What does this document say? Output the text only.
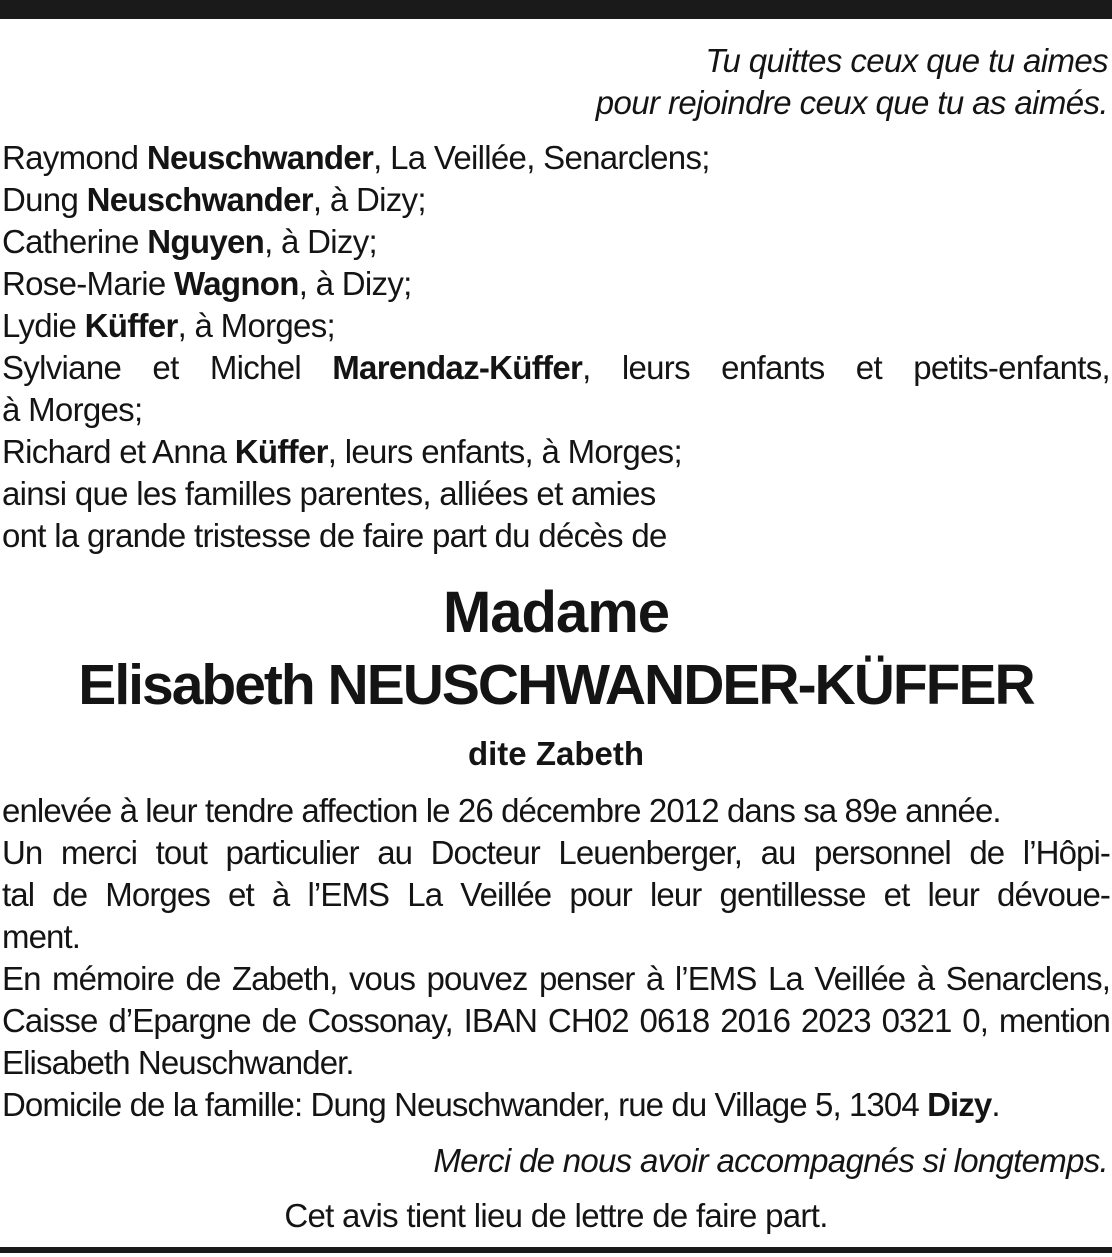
Tu quittes ceux que tu aimes
pour rejoindre ceux que tu as aimés.
Raymond Neuschwander, La Veillée, Senarclens;
Dung Neuschwander, à Dizy;
Catherine Nguyen, à Dizy;
Rose-Marie Wagnon, à Dizy;
Lydie Küffer, à Morges;
Sylviane et Michel Marendaz-Küffer, leurs enfants et petits-enfants,
à Morges;
Richard et Anna Küffer, leurs enfants, à Morges;
ainsi que les familles parentes, alliées et amies
ont la grande tristesse de faire part du décès de
Madame
Elisabeth NEUSCHWANDER-KÜFFER
dite Zabeth
enlevée à leur tendre affection le 26 décembre 2012 dans sa 89e année.
Un merci tout particulier au Docteur Leuenberger, au personnel de l’Hôpi-
tal de Morges et à l’EMS La Veillée pour leur gentillesse et leur dévoue-
ment.
En mémoire de Zabeth, vous pouvez penser à l’EMS La Veillée à Senarclens,
Caisse d’Epargne de Cossonay, IBAN CH02 0618 2016 2023 0321 0, mention
Elisabeth Neuschwander.
Domicile de la famille: Dung Neuschwander, rue du Village 5, 1304 Dizy.
Merci de nous avoir accompagnés si longtemps.
Cet avis tient lieu de lettre de faire part.
